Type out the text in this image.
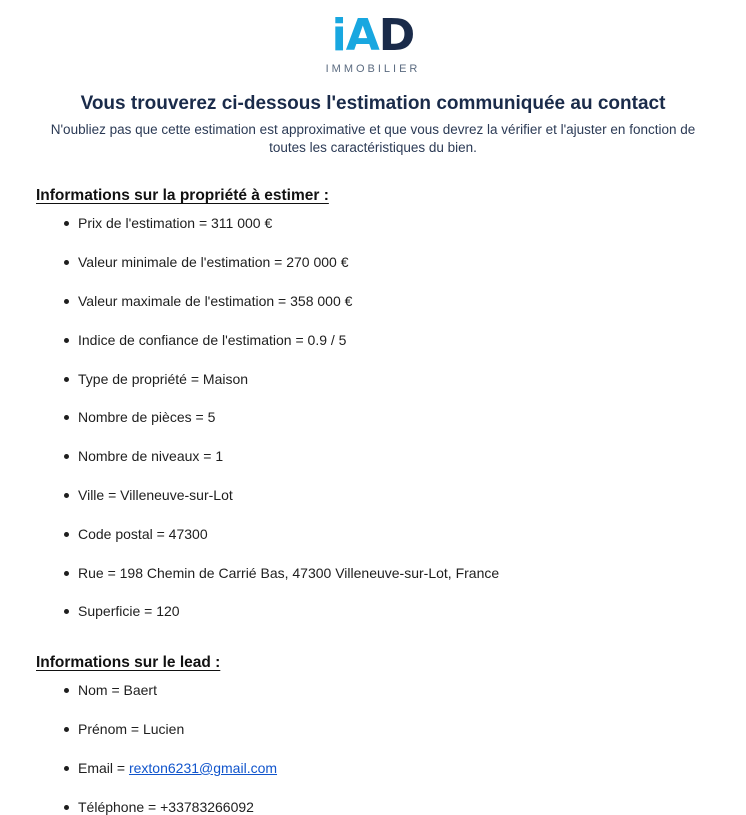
iAD
IMMOBILIER
Vous trouverez ci-dessous l'estimation communiquée au contact

N'oubliez pas que cette estimation est approximative et que vous devrez la vérifier et l'ajuster en fonction de toutes les caractéristiques du bien.

Informations sur la propriété à estimer :
Prix de l'estimation = 311 000 €
Valeur minimale de l'estimation = 270 000 €
Valeur maximale de l'estimation = 358 000 €
Indice de confiance de l'estimation = 0.9 / 5
Type de propriété = Maison
Nombre de pièces = 5
Nombre de niveaux = 1
Ville = Villeneuve-sur-Lot
Code postal = 47300
Rue = 198 Chemin de Carrié Bas, 47300 Villeneuve-sur-Lot, France
Superficie = 120
Informations sur le lead :
Nom = Baert
Prénom = Lucien
Email = rexton6231@gmail.com
Téléphone = +33783266092
